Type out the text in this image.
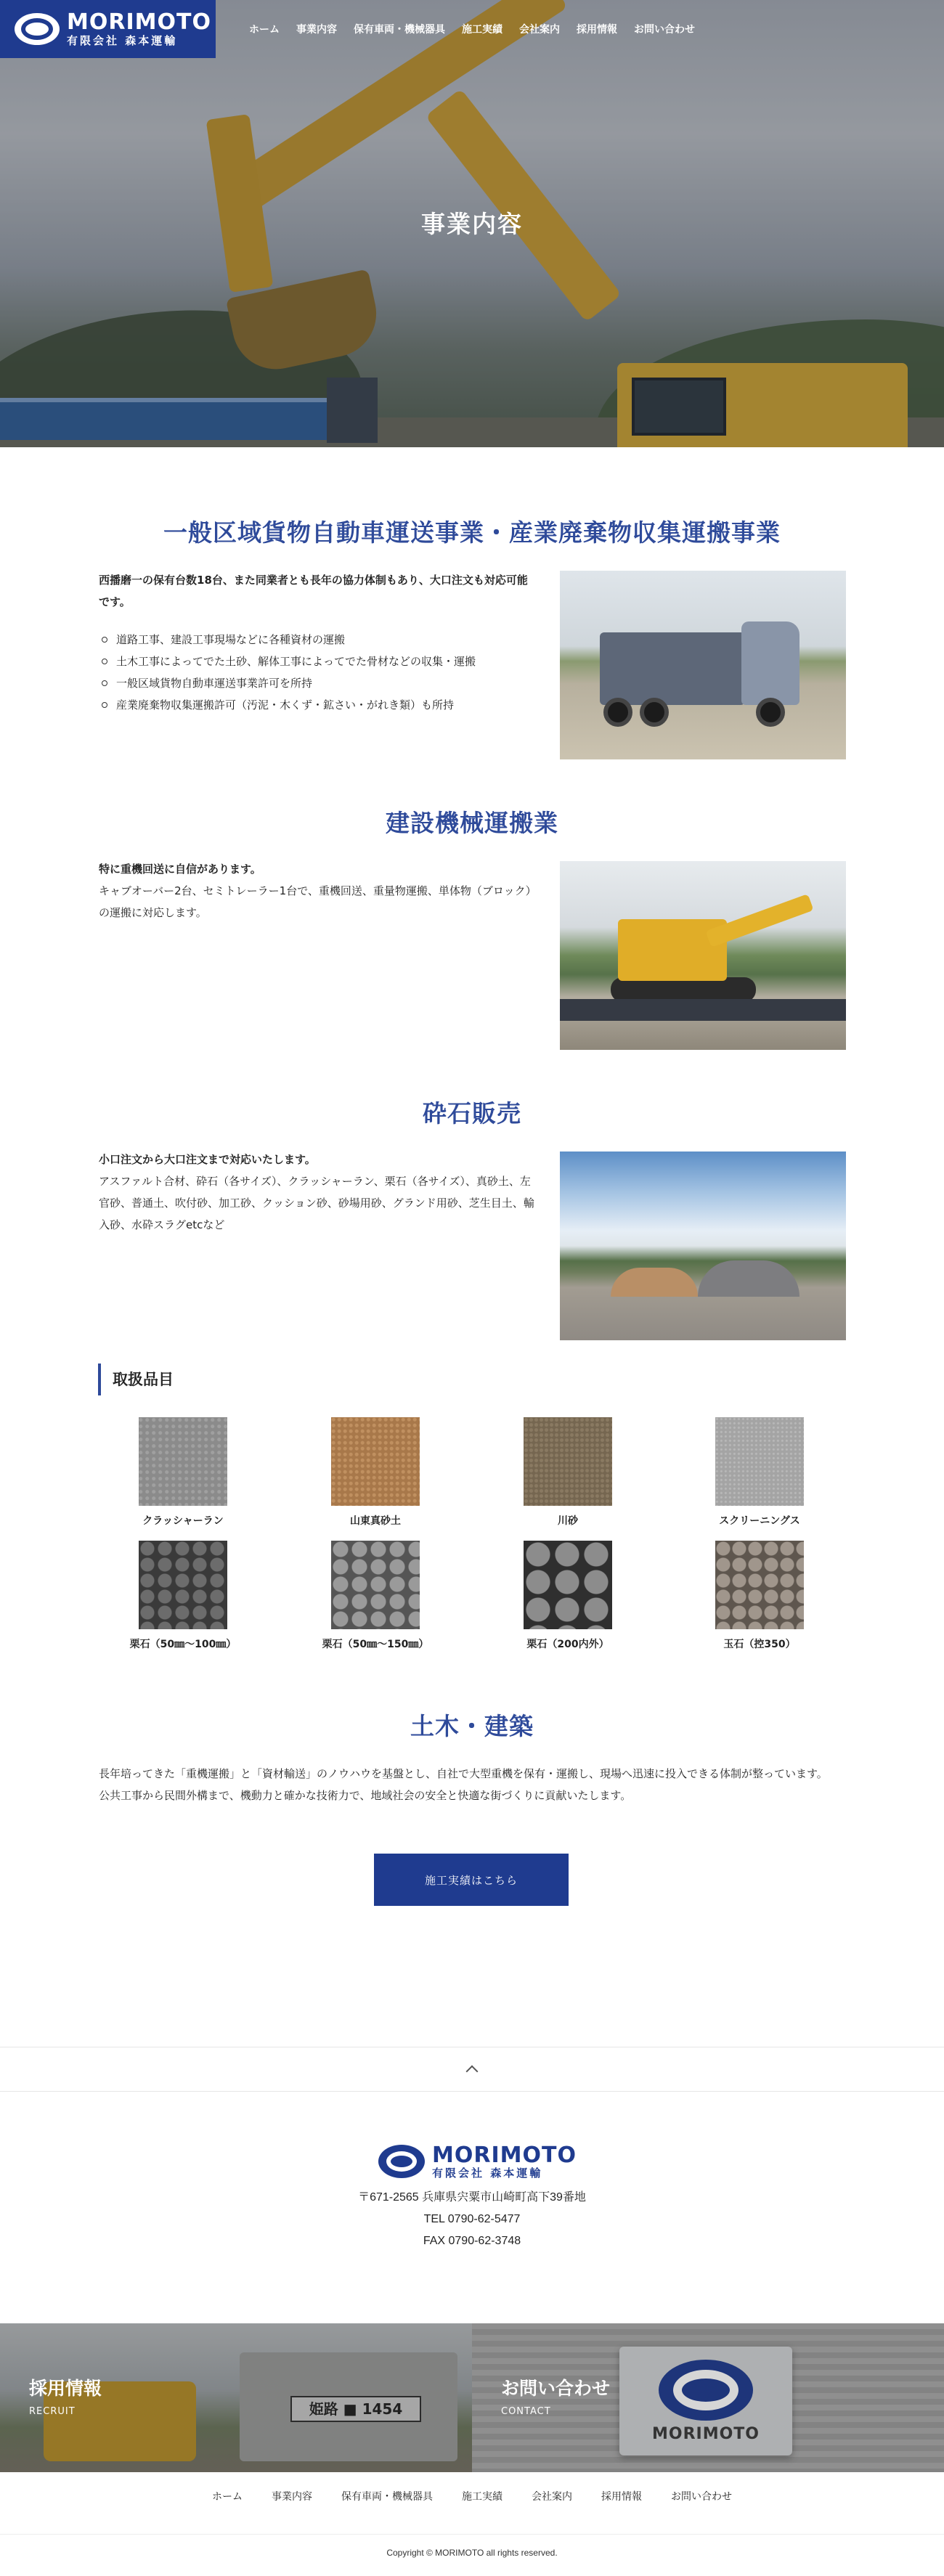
MORIMOTO
有限会社 森本運輸
ホーム 事業内容 保有車両・機械器具 施工実績 会社案内 採用情報 お問い合わせ
事業内容
一般区域貨物自動車運送事業・産業廃棄物収集運搬事業

西播磨一の保有台数18台、また同業者とも長年の協力体制もあり、大口注文も対応可能です。

道路工事、建設工事現場などに各種資材の運搬
土木工事によってでた土砂、解体工事によってでた骨材などの収集・運搬
一般区域貨物自動車運送事業許可を所持
産業廃棄物収集運搬許可（汚泥・木くず・鉱さい・がれき類）も所持
建設機械運搬業

特に重機回送に自信があります。

キャブオーバー2台、セミトレーラー1台で、重機回送、重量物運搬、単体物（ブロック）の運搬に対応します。

砕石販売

小口注文から大口注文まで対応いたします。

アスファルト合材、砕石（各サイズ）、クラッシャーラン、栗石（各サイズ）、真砂土、左官砂、普通土、吹付砂、加工砂、クッション砂、砂場用砂、グランド用砂、芝生目土、輸入砂、水砕スラグetcなど

取扱品目
クラッシャーラン	山東真砂土	川砂	スクリーニングス
栗石（50㎜～100㎜）	栗石（50㎜～150㎜）	栗石（200内外）	玉石（控350）
土木・建築

長年培ってきた「重機運搬」と「資材輸送」のノウハウを基盤とし、自社で大型重機を保有・運搬し、現場へ迅速に投入できる体制が整っています。

公共工事から民間外構まで、機動力と確かな技術力で、地域社会の安全と快適な街づくりに貢献いたします。

施工実績はこちら
MORIMOTO
有限会社 森本運輸
〒671-2565 兵庫県宍粟市山崎町高下39番地
TEL 0790-62-5477
FAX 0790-62-3748
姫路 ■ 1454
採用情報
RECRUIT
MORIMOTO
お問い合わせ
CONTACT
ホーム	事業内容	保有車両・機械器具	施工実績	会社案内	採用情報	お問い合わせ
Copyright © MORIMOTO all rights reserved.
